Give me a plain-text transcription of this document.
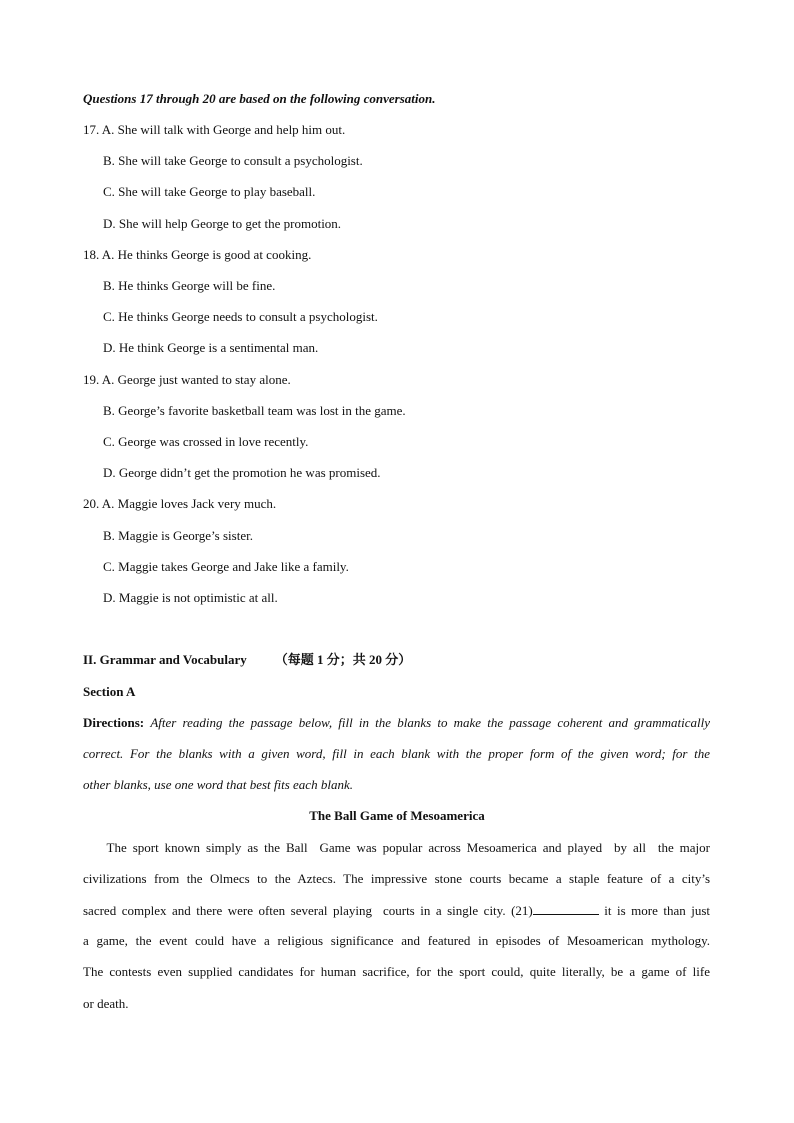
Questions 17 through 20 are based on the following conversation.
17. A. She will talk with George and help him out.
B. She will take George to consult a psychologist.
C. She will take George to play baseball.
D. She will help George to get the promotion.
18. A. He thinks George is good at cooking.
B. He thinks George will be fine.
C. He thinks George needs to consult a psychologist.
D. He think George is a sentimental man.
19. A. George just wanted to stay alone.
B. George’s favorite basketball team was lost in the game.
C. George was crossed in love recently.
D. George didn’t get the promotion he was promised.
20. A. Maggie loves Jack very much.
B. Maggie is George’s sister.
C. Maggie takes George and Jake like a family.
D. Maggie is not optimistic at all.
II. Grammar and Vocabulary （每题 1 分；共 20 分）
Section A
Directions: After reading the passage below, fill in the blanks to make the passage coherent and grammatically
correct. For the blanks with a given word, fill in each blank with the proper form of the given word; for the
other blanks, use one word that best fits each blank.
The Ball Game of Mesoamerica
The sport known simply as the Ball  Game was popular across Mesoamerica and played  by all  the major
civilizations from the Olmecs to the Aztecs. The impressive stone courts became a staple feature of a city’s
sacred complex and there were often several playing  courts in a single city. (21)	it is more than just
a game, the event could have a religious significance and featured in episodes of Mesoamerican mythology.
The contests even supplied candidates for human sacrifice, for the sport could, quite literally, be a game of life
or death.
